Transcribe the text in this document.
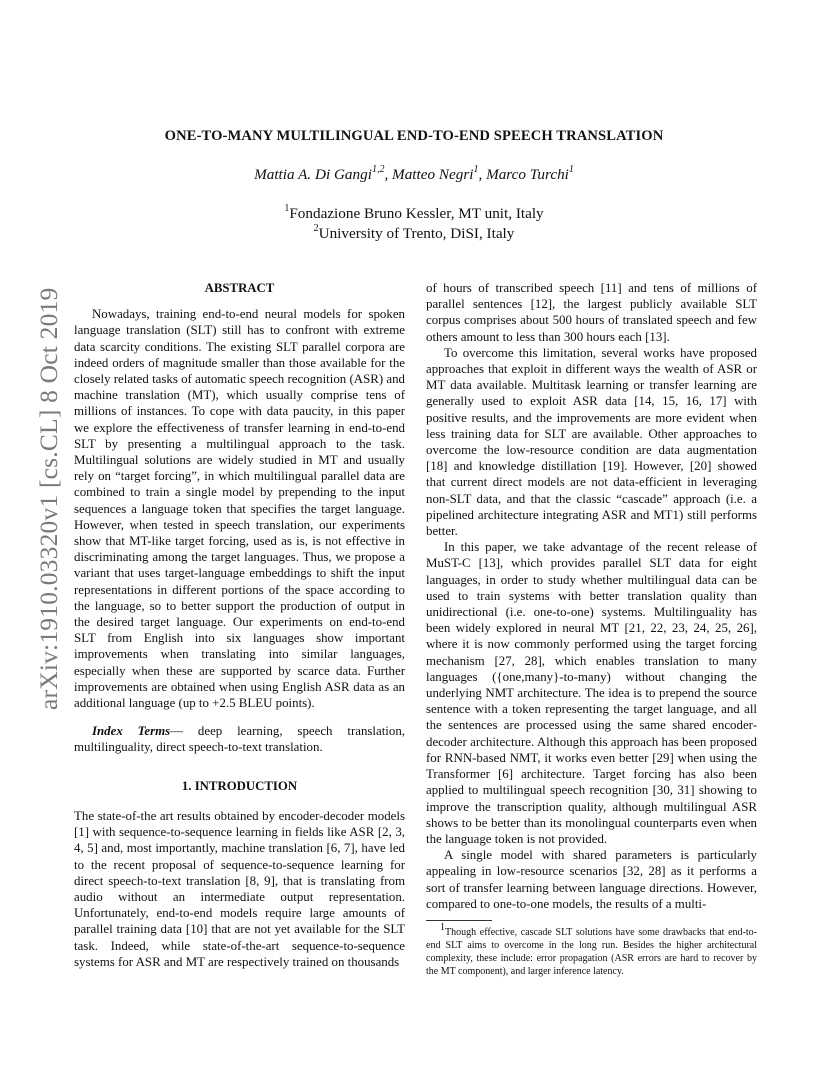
arXiv:1910.03320v1 [cs.CL] 8 Oct 2019
ONE-TO-MANY MULTILINGUAL END-TO-END SPEECH TRANSLATION
Mattia A. Di Gangi$^{1,2}$, Matteo Negri$^1$, Marco Turchi$^1$
$^1$Fondazione Bruno Kessler, MT unit, Italy
$^2$University of Trento, DiSI, Italy

ABSTRACT

Nowadays, training end-to-end neural models for spoken language translation (SLT) still has to confront with extreme data scarcity conditions. The existing SLT parallel corpora are indeed orders of magnitude smaller than those available for the closely related tasks of automatic speech recognition (ASR) and machine translation (MT), which usually comprise tens of millions of instances. To cope with data paucity, in this paper we explore the effectiveness of transfer learning in end-to-end SLT by presenting a multilingual approach to the task. Multilingual solutions are widely studied in MT and usually rely on “target forcing”, in which multilingual parallel data are combined to train a single model by prepending to the input sequences a language token that specifies the target language. However, when tested in speech translation, our experiments show that MT-like target forcing, used as is, is not effective in discriminating among the target languages. Thus, we propose a variant that uses target-language embeddings to shift the input representations in different portions of the space according to the language, so to better support the production of output in the desired target language. Our experiments on end-to-end SLT from English into six languages show important improvements when translating into similar languages, especially when these are supported by scarce data. Further improvements are obtained when using English ASR data as an additional language (up to +2.5 BLEU points).

Index Terms— deep learning, speech translation, multilinguality, direct speech-to-text translation.

1. INTRODUCTION

The state-of-the art results obtained by encoder-decoder models [1] with sequence-to-sequence learning in fields like ASR [2, 3, 4, 5] and, most importantly, machine translation [6, 7], have led to the recent proposal of sequence-to-sequence learning for direct speech-to-text translation [8, 9], that is translating from audio without an intermediate output representation. Unfortunately, end-to-end models require large amounts of parallel training data [10] that are not yet available for the SLT task. Indeed, while state-of-the-art sequence-to-sequence systems for ASR and MT are respectively trained on thousands

of hours of transcribed speech [11] and tens of millions of parallel sentences [12], the largest publicly available SLT corpus comprises about 500 hours of translated speech and few others amount to less than 300 hours each [13].

To overcome this limitation, several works have proposed approaches that exploit in different ways the wealth of ASR or MT data available. Multitask learning or transfer learning are generally used to exploit ASR data [14, 15, 16, 17] with positive results, and the improvements are more evident when less training data for SLT are available. Other approaches to overcome the low-resource condition are data augmentation [18] and knowledge distillation [19]. However, [20] showed that current direct models are not data-efficient in leveraging non-SLT data, and that the classic “cascade” approach (i.e. a pipelined architecture integrating ASR and MT1) still performs better.

In this paper, we take advantage of the recent release of MuST-C [13], which provides parallel SLT data for eight languages, in order to study whether multilingual data can be used to train systems with better translation quality than unidirectional (i.e. one-to-one) systems. Multilinguality has been widely explored in neural MT [21, 22, 23, 24, 25, 26], where it is now commonly performed using the target forcing mechanism [27, 28], which enables translation to many languages ({one,many}-to-many) without changing the underlying NMT architecture. The idea is to prepend the source sentence with a token representing the target language, and all the sentences are processed using the same shared encoder-decoder architecture. Although this approach has been proposed for RNN-based NMT, it works even better [29] when using the Transformer [6] architecture. Target forcing has also been applied to multilingual speech recognition [30, 31] showing to improve the transcription quality, although multilingual ASR shows to be better than its monolingual counterparts even when the language token is not provided.

A single model with shared parameters is particularly appealing in low-resource scenarios [32, 28] as it performs a sort of transfer learning between language directions. However, compared to one-to-one models, the results of a multi-

$^1$Though effective, cascade SLT solutions have some drawbacks that end-to-end SLT aims to overcome in the long run. Besides the higher architectural complexity, these include: error propagation (ASR errors are hard to recover by the MT component), and larger inference latency.
